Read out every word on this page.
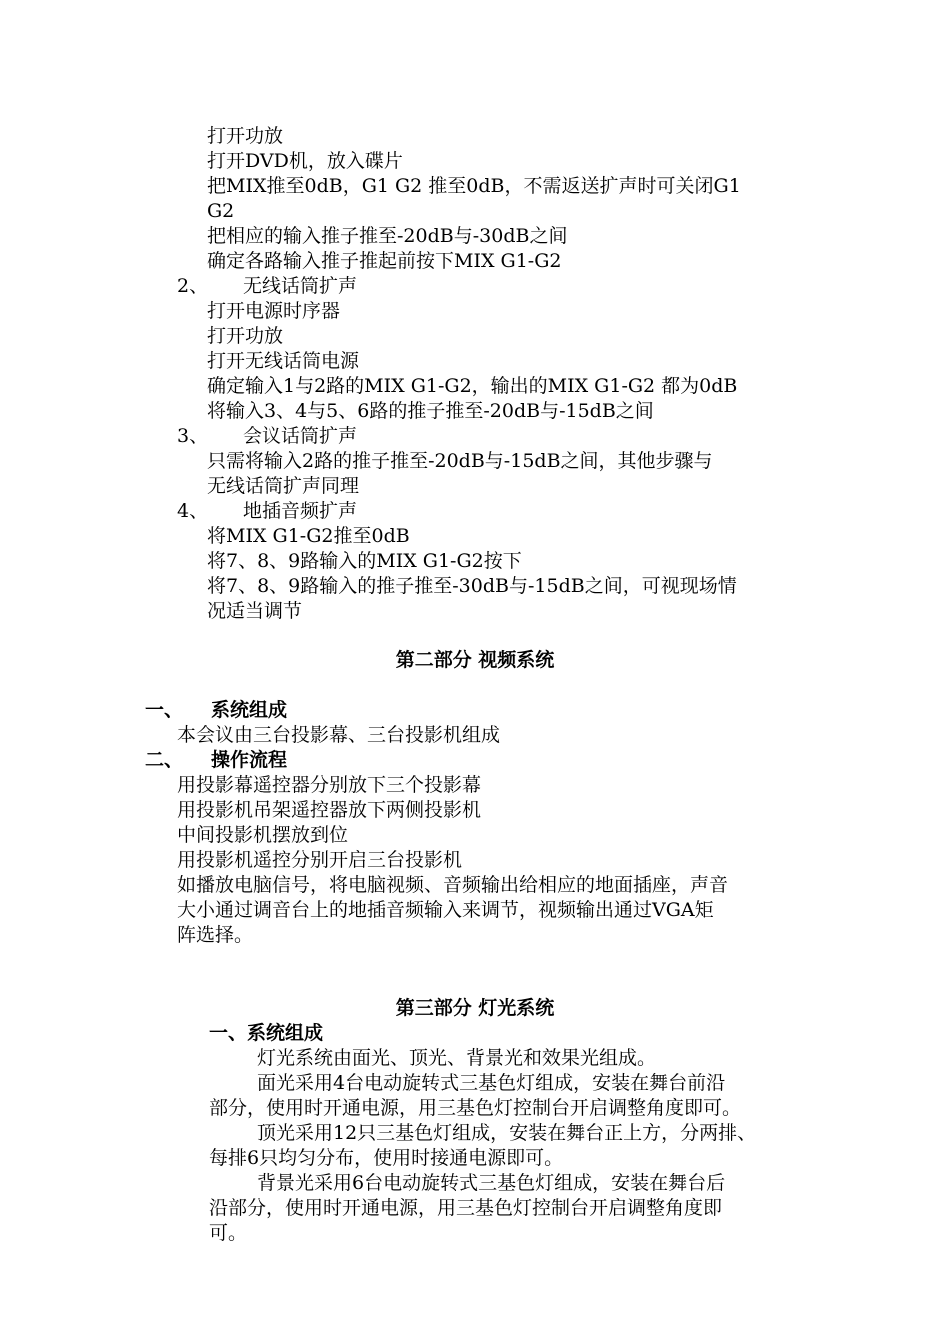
打开功放
打开DVD机，放入碟片
把MIX推至0dB，G1 G2 推至0dB，不需返送扩声时可关闭G1
G2
把相应的输入推子推至-20dB与-30dB之间
确定各路输入推子推起前按下MIX G1-G2
2、 无线话筒扩声
打开电源时序器
打开功放
打开无线话筒电源
确定输入1与2路的MIX G1-G2，输出的MIX G1-G2 都为0dB
将输入3、4与5、6路的推子推至-20dB与-15dB之间
3、 会议话筒扩声
只需将输入2路的推子推至-20dB与-15dB之间，其他步骤与
无线话筒扩声同理
4、 地插音频扩声
将MIX G1-G2推至0dB
将7、8、9路输入的MIX G1-G2按下
将7、8、9路输入的推子推至-30dB与-15dB之间，可视现场情
况适当调节
第二部分 视频系统
一、 系统组成
本会议由三台投影幕、三台投影机组成
二、 操作流程
用投影幕遥控器分别放下三个投影幕
用投影机吊架遥控器放下两侧投影机
中间投影机摆放到位
用投影机遥控分别开启三台投影机
如播放电脑信号，将电脑视频、音频输出给相应的地面插座，声音
大小通过调音台上的地插音频输入来调节，视频输出通过VGA矩
阵选择。
第三部分 灯光系统
一、系统组成
灯光系统由面光、顶光、背景光和效果光组成。
面光采用4台电动旋转式三基色灯组成，安装在舞台前沿
部分，使用时开通电源，用三基色灯控制台开启调整角度即可。
顶光采用12只三基色灯组成，安装在舞台正上方，分两排、
每排6只均匀分布，使用时接通电源即可。
背景光采用6台电动旋转式三基色灯组成，安装在舞台后
沿部分，使用时开通电源，用三基色灯控制台开启调整角度即
可。
